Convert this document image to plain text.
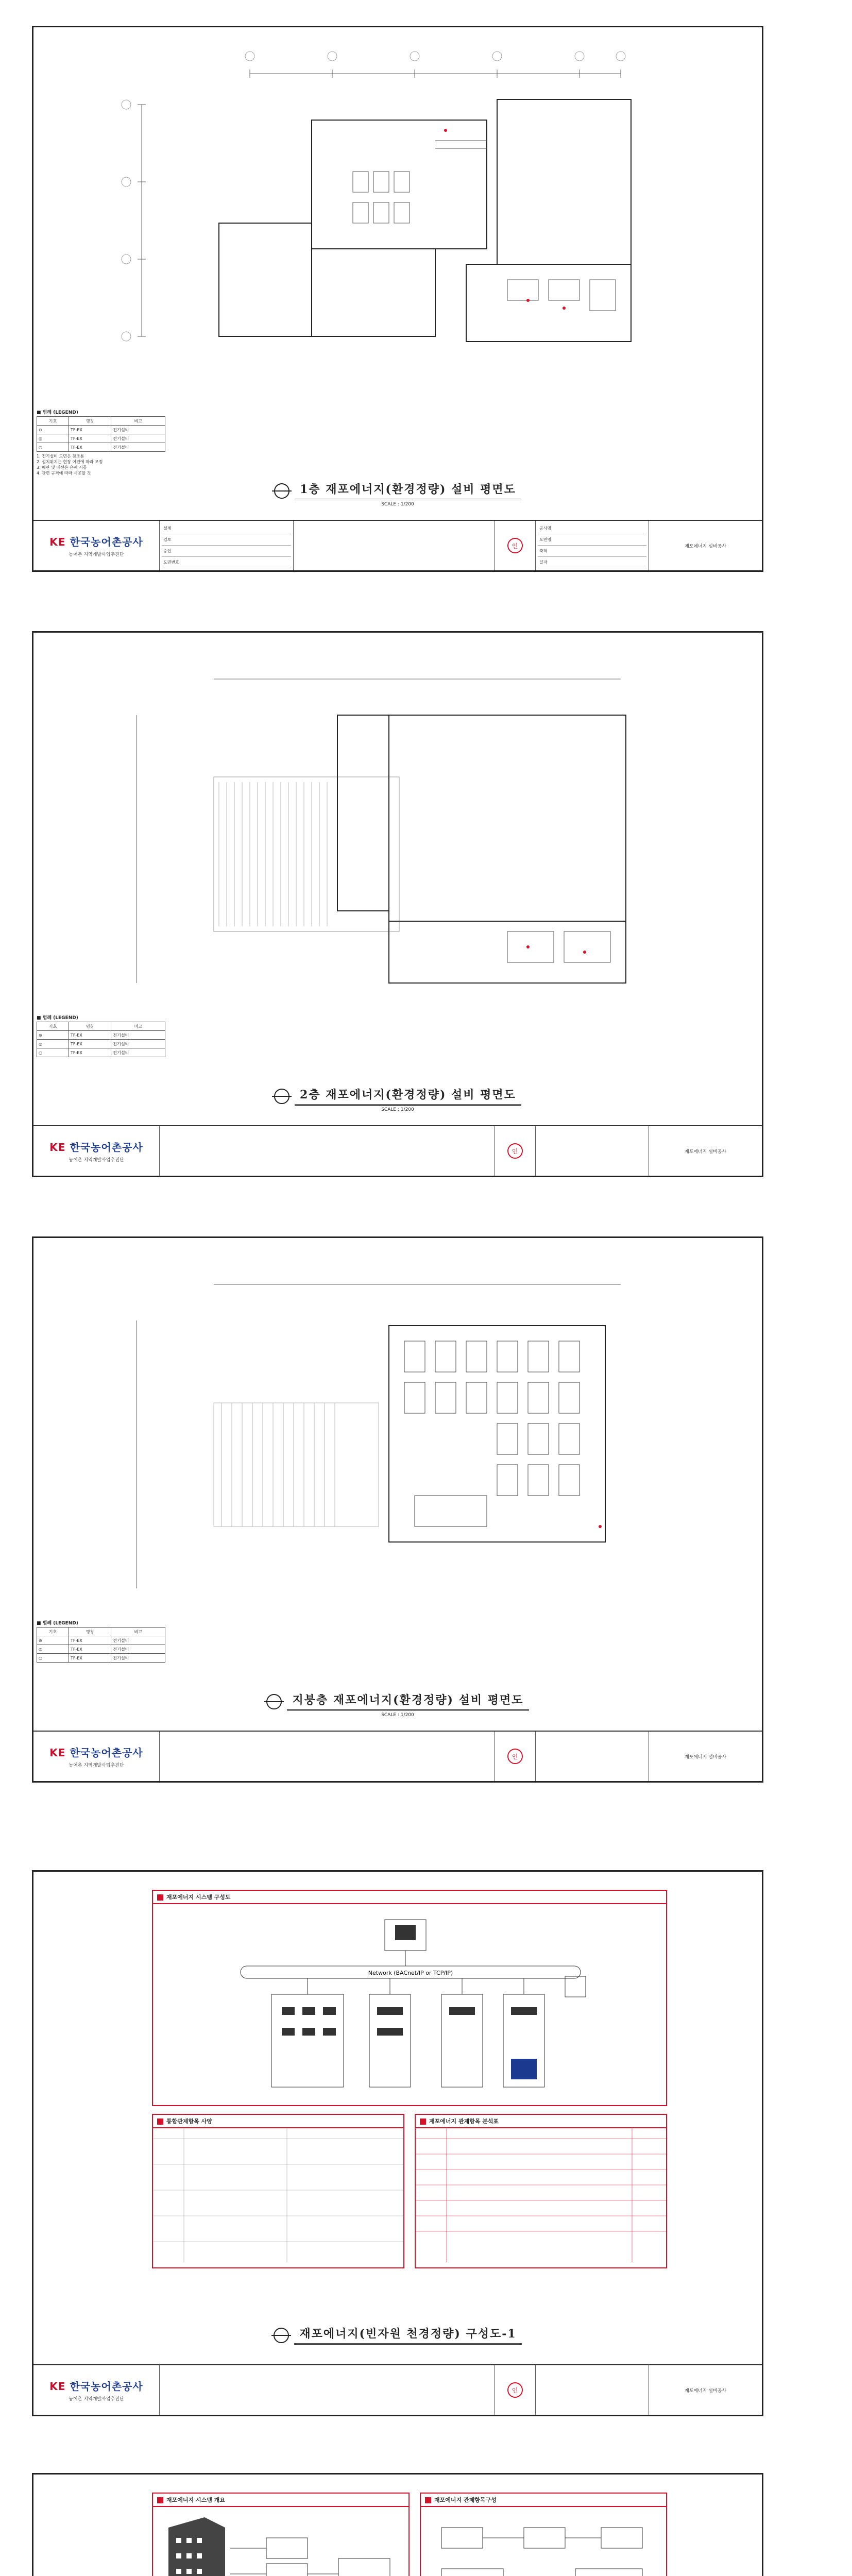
■ 범례 (LEGEND)
기호	명칭	비고
⊙	TF-EX	전기설비
◎	TF-EX	전기설비
○	TF-EX	전기설비
1. 전기설비 도면은 참조용
2. 설치위치는 현장 여건에 따라 조정
3. 배관 및 배선은 은폐 시공
4. 관련 규격에 따라 시공할 것
1층 재포에너지(환경정량) 설비 평면도
SCALE : 1/200
KE 한국농어촌공사
농어촌 지역개발사업추진단
설계
검토
승인
도면번호
인
공사명
도면명
축척
일자
재포에너지 설비공사
■ 범례 (LEGEND)
기호	명칭	비고
⊙	TF-EX	전기설비
◎	TF-EX	전기설비
○	TF-EX	전기설비
2층 재포에너지(환경정량) 설비 평면도
SCALE : 1/200
KE 한국농어촌공사
농어촌 지역개발사업추진단
인	재포에너지 설비공사
■ 범례 (LEGEND)
기호	명칭	비고
⊙	TF-EX	전기설비
◎	TF-EX	전기설비
○	TF-EX	전기설비
지붕층 재포에너지(환경정량) 설비 평면도
SCALE : 1/200
KE 한국농어촌공사
농어촌 지역개발사업추진단
인	재포에너지 설비공사
재포에너지 시스템 구성도
Network (BACnet/IP or TCP/IP)
통합관제항목 사양	재포에너지 관제항목 분석표
재포에너지(빈자원 천경정량) 구성도-1
KE 한국농어촌공사
농어촌 지역개발사업추진단
인	재포에너지 설비공사
재포에너지 시스템 개요	재포에너지 관제항목구성
